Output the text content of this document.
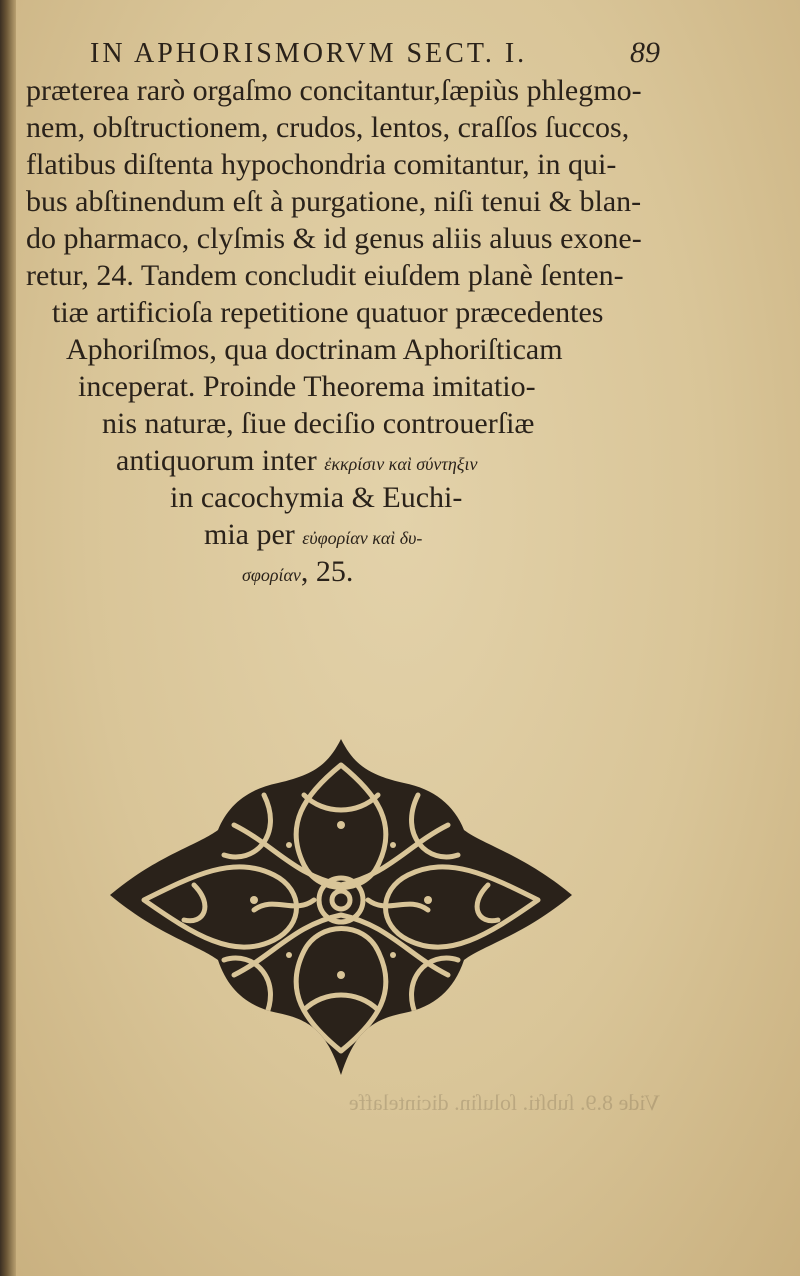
IN APHORISMORVM SECT. I.	89
præterea rarò orgaſmo concitantur,ſæpiùs phlegmo-
nem, obſtructionem, crudos, lentos, craſſos ſuccos,
flatibus diſtenta hypochondria comitantur, in qui-
bus abſtinendum eſt à purgatione, niſi tenui & blan-
do pharmaco, clyſmis & id genus aliis aluus exone-
retur, 24. Tandem concludit eiuſdem planè ſenten-
tiæ artificioſa repetitione quatuor præcedentes
Aphoriſmos, qua doctrinam Aphoriſticam
inceperat. Proinde Theorema imitatio-
nis naturæ, ſiue deciſio controuerſiæ
antiquorum inter ἐκκρίσιν καὶ σύντηξιν
in cacochymia & Euchi-
mia per εὐφορίαν καὶ δυ-
σφορίαν, 25.
Vide 8.9. ſubſti. ſoluſin. dicintelaffe
